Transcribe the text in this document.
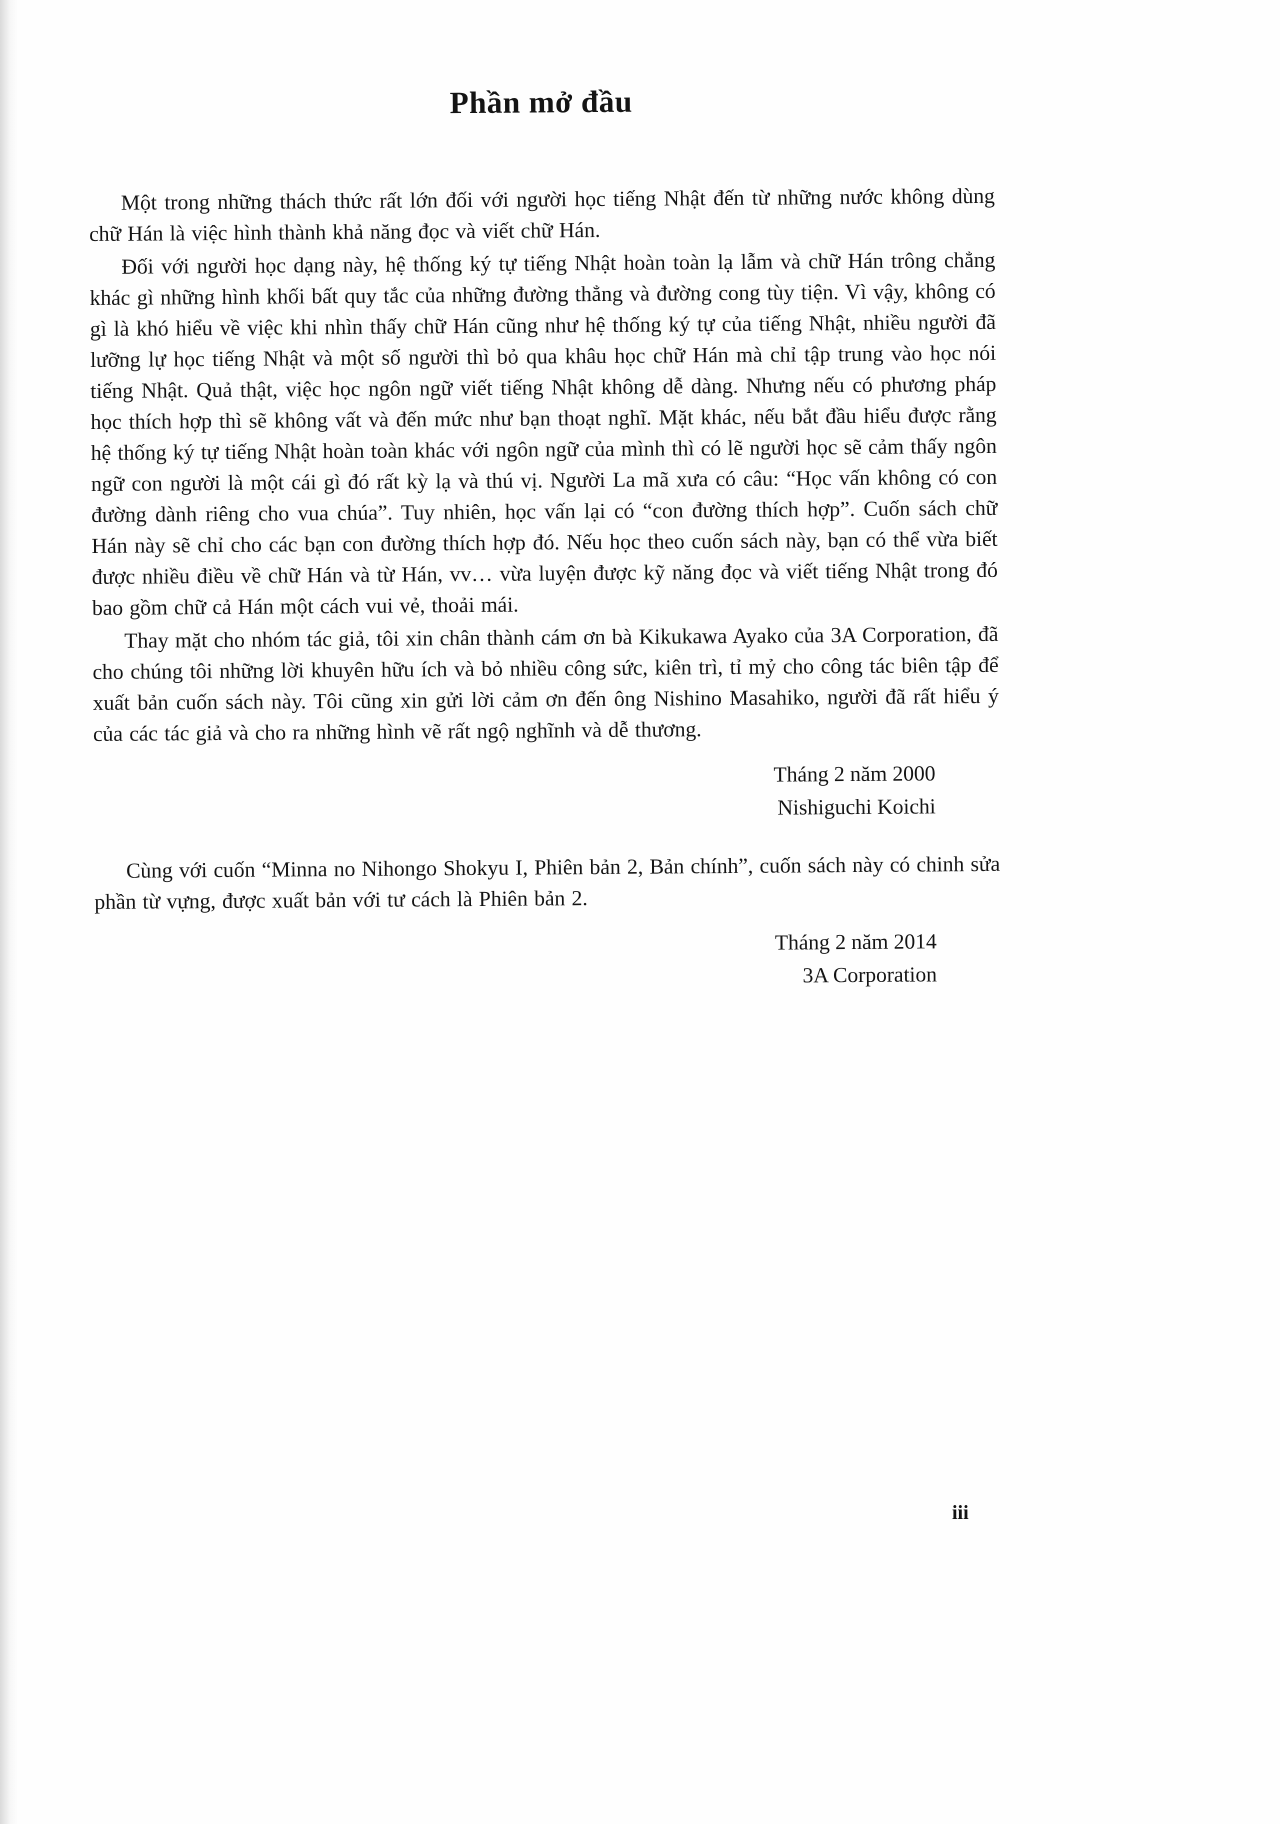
Phần mở đầu

Một trong những thách thức rất lớn đối với người học tiếng Nhật đến từ những nước không dùng chữ Hán là việc hình thành khả năng đọc và viết chữ Hán.

Đối với người học dạng này, hệ thống ký tự tiếng Nhật hoàn toàn lạ lẫm và chữ Hán trông chẳng khác gì những hình khối bất quy tắc của những đường thẳng và đường cong tùy tiện. Vì vậy, không có gì là khó hiểu về việc khi nhìn thấy chữ Hán cũng như hệ thống ký tự của tiếng Nhật, nhiều người đã lưỡng lự học tiếng Nhật và một số người thì bỏ qua khâu học chữ Hán mà chỉ tập trung vào học nói tiếng Nhật. Quả thật, việc học ngôn ngữ viết tiếng Nhật không dễ dàng. Nhưng nếu có phương pháp học thích hợp thì sẽ không vất và đến mức như bạn thoạt nghĩ. Mặt khác, nếu bắt đầu hiểu được rằng hệ thống ký tự tiếng Nhật hoàn toàn khác với ngôn ngữ của mình thì có lẽ người học sẽ cảm thấy ngôn ngữ con người là một cái gì đó rất kỳ lạ và thú vị. Người La mã xưa có câu: “Học vấn không có con đường dành riêng cho vua chúa”. Tuy nhiên, học vấn lại có “con đường thích hợp”. Cuốn sách chữ Hán này sẽ chỉ cho các bạn con đường thích hợp đó. Nếu học theo cuốn sách này, bạn có thể vừa biết được nhiều điều về chữ Hán và từ Hán, vv… vừa luyện được kỹ năng đọc và viết tiếng Nhật trong đó bao gồm chữ cả Hán một cách vui vẻ, thoải mái.

Thay mặt cho nhóm tác giả, tôi xin chân thành cám ơn bà Kikukawa Ayako của 3A Corporation, đã cho chúng tôi những lời khuyên hữu ích và bỏ nhiều công sức, kiên trì, tỉ mỷ cho công tác biên tập để xuất bản cuốn sách này. Tôi cũng xin gửi lời cảm ơn đến ông Nishino Masahiko, người đã rất hiểu ý của các tác giả và cho ra những hình vẽ rất ngộ nghĩnh và dễ thương.

Tháng 2 năm 2000
Nishiguchi Koichi

Cùng với cuốn “Minna no Nihongo Shokyu I, Phiên bản 2, Bản chính”, cuốn sách này có chinh sửa phần từ vựng, được xuất bản với tư cách là Phiên bản 2.

Tháng 2 năm 2014
3A Corporation
iii
